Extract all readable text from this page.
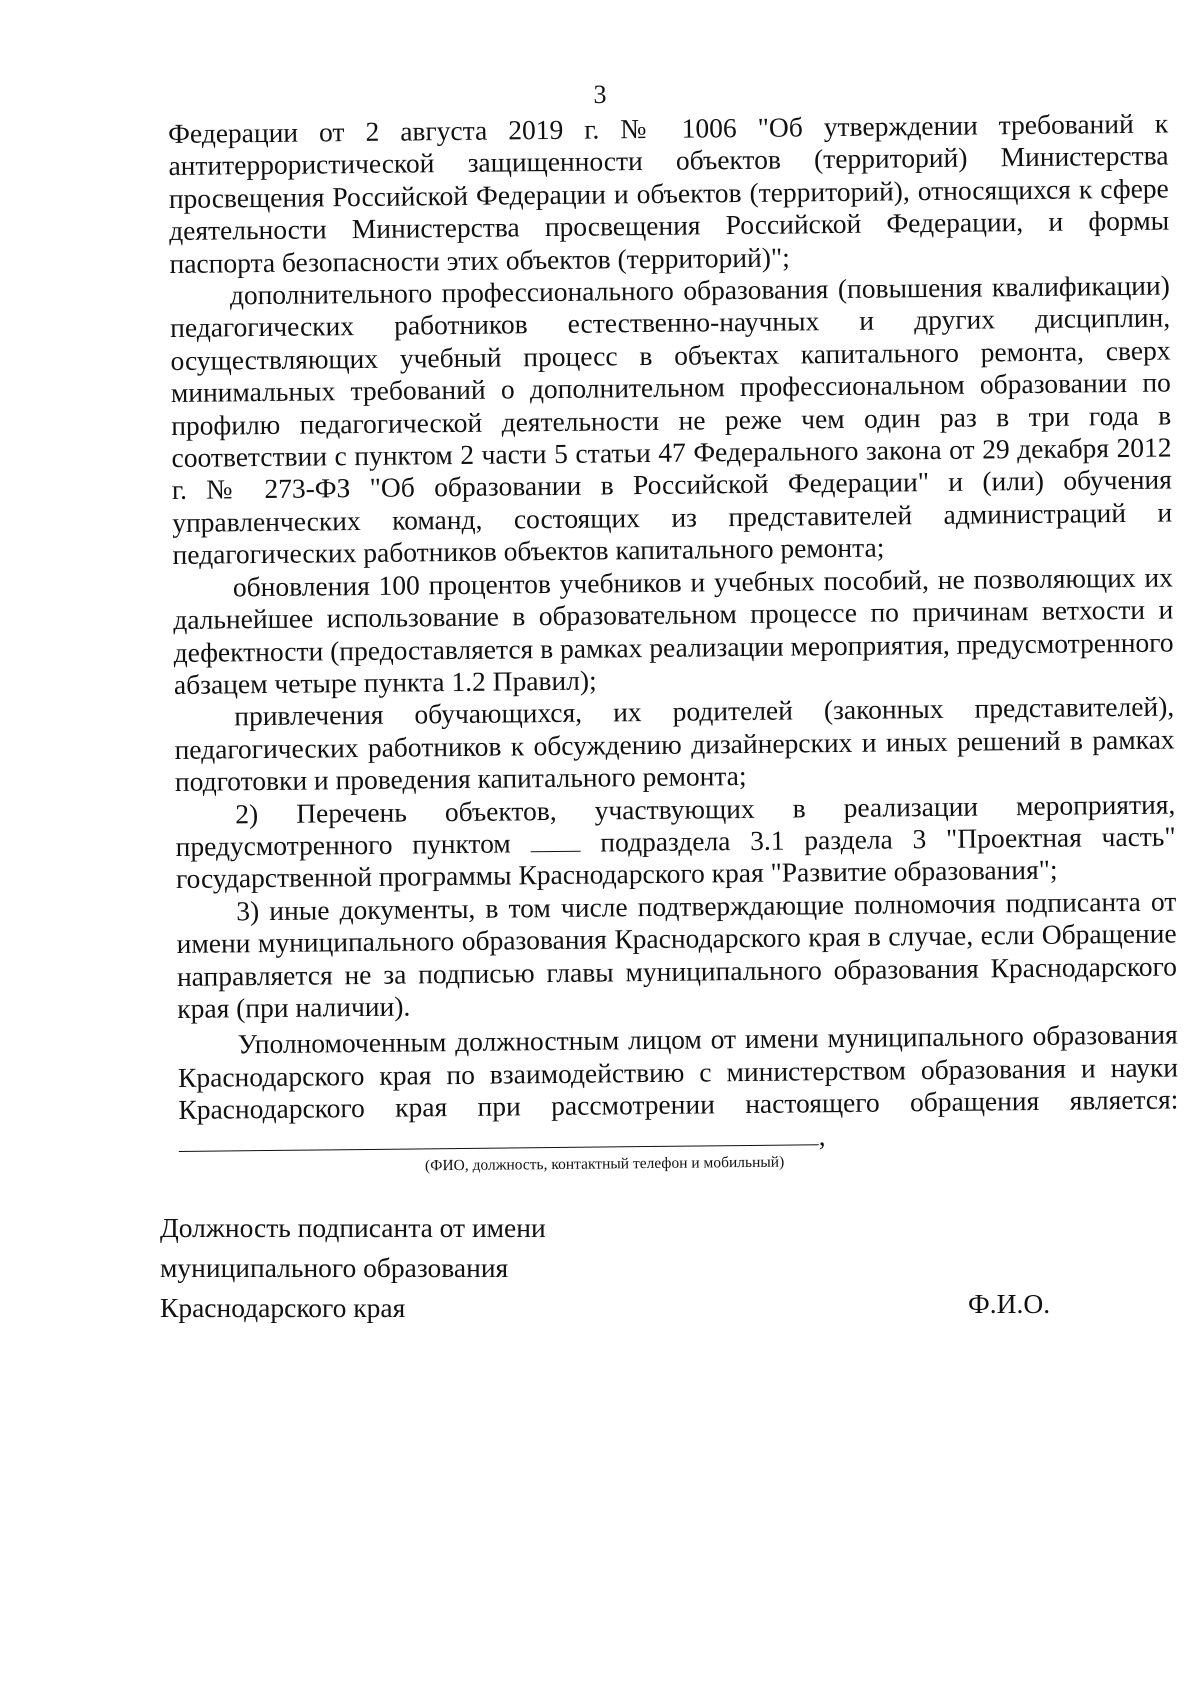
3

Федерации от 2 августа 2019 г. № 1006 "Об утверждении требований к антитеррористической защищенности объектов (территорий) Министерства просвещения Российской Федерации и объектов (территорий), относящихся к сфере деятельности Министерства просвещения Российской Федерации, и формы паспорта безопасности этих объектов (территорий)";

дополнительного профессионального образования (повышения квалификации) педагогических работников естественно-научных и других дисциплин, осуществляющих учебный процесс в объектах капитального ремонта, сверх минимальных требований о дополнительном профессиональном образовании по профилю педагогической деятельности не реже чем один раз в три года в соответствии с пунктом 2 части 5 статьи 47 Федерального закона от 29 декабря 2012 г. № 273-ФЗ "Об образовании в Российской Федерации" и (или) обучения управленческих команд, состоящих из представителей администраций и педагогических работников объектов капитального ремонта;

обновления 100 процентов учебников и учебных пособий, не позволяющих их дальнейшее использование в образовательном процессе по причинам ветхости и дефектности (предоставляется в рамках реализации мероприятия, предусмотренного абзацем четыре пункта 1.2 Правил);

привлечения обучающихся, их родителей (законных представителей), педагогических работников к обсуждению дизайнерских и иных решений в рамках подготовки и проведения капитального ремонта;

2) Перечень объектов, участвующих в реализации мероприятия, предусмотренного пунктом	подраздела 3.1 раздела 3 "Проектная часть" государственной программы Краснодарского края "Развитие образования";

3) иные документы, в том числе подтверждающие полномочия подписанта от имени муниципального образования Краснодарского края в случае, если Обращение направляется не за подписью главы муниципального образования Краснодарского края (при наличии).

Уполномоченным должностным лицом от имени муниципального образования Краснодарского края по взаимодействию с министерством образования и науки Краснодарского края при рассмотрении настоящего обращения является: ,

(ФИО, должность, контактный телефон и мобильный)
Должность подписанта от имени
муниципального образования
Краснодарского края	Ф.И.О.
